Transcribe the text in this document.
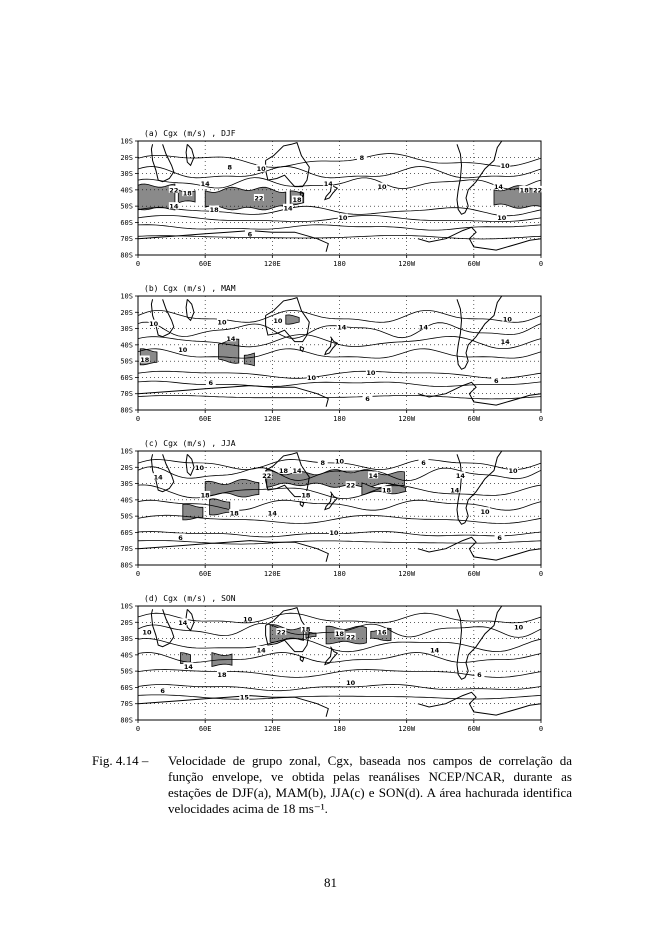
8	10
8
10
10
14	14	14
22 18
22	18
14
18
14
18 22
10	10
6
(a) Cgx (m/s) , DJF
10S
20S
30S
40S
50S
60S
70S
80S
0	60E	120E	180	120W	60W	0
10	10	10
14	14
10
14	14
10
18
6
10
10
6
6
(b) Cgx (m/s) , MAM
10S
20S
30S
40S
50S
60S
70S
80S
0	60E	120E	180	120W	60W	0
10
8
10	14
14	22
18
14	14
6
10
18	18
22
18	14
18	14	10
10
6	6
(c) Cgx (m/s) , JJA
10S
20S
30S
40S
50S
60S
70S
80S
0	60E	120E	180	120W	60W	0
14	10
10	22 18
18 22
16
10
14
14
14
18
10
6
15
6
(d) Cgx (m/s) , SON
10S
20S
30S
40S
50S
60S
70S
80S
0	60E	120E	180	120W	60W	0
Fig. 4.14 –	Velocidade de grupo zonal, Cgx, baseada nos campos de correlação da função envelope, ve obtida pelas reanálises NCEP/NCAR, durante as estações de DJF(a), MAM(b), JJA(c) e SON(d). A área hachurada identifica velocidades acima de 18 ms⁻¹.
81
